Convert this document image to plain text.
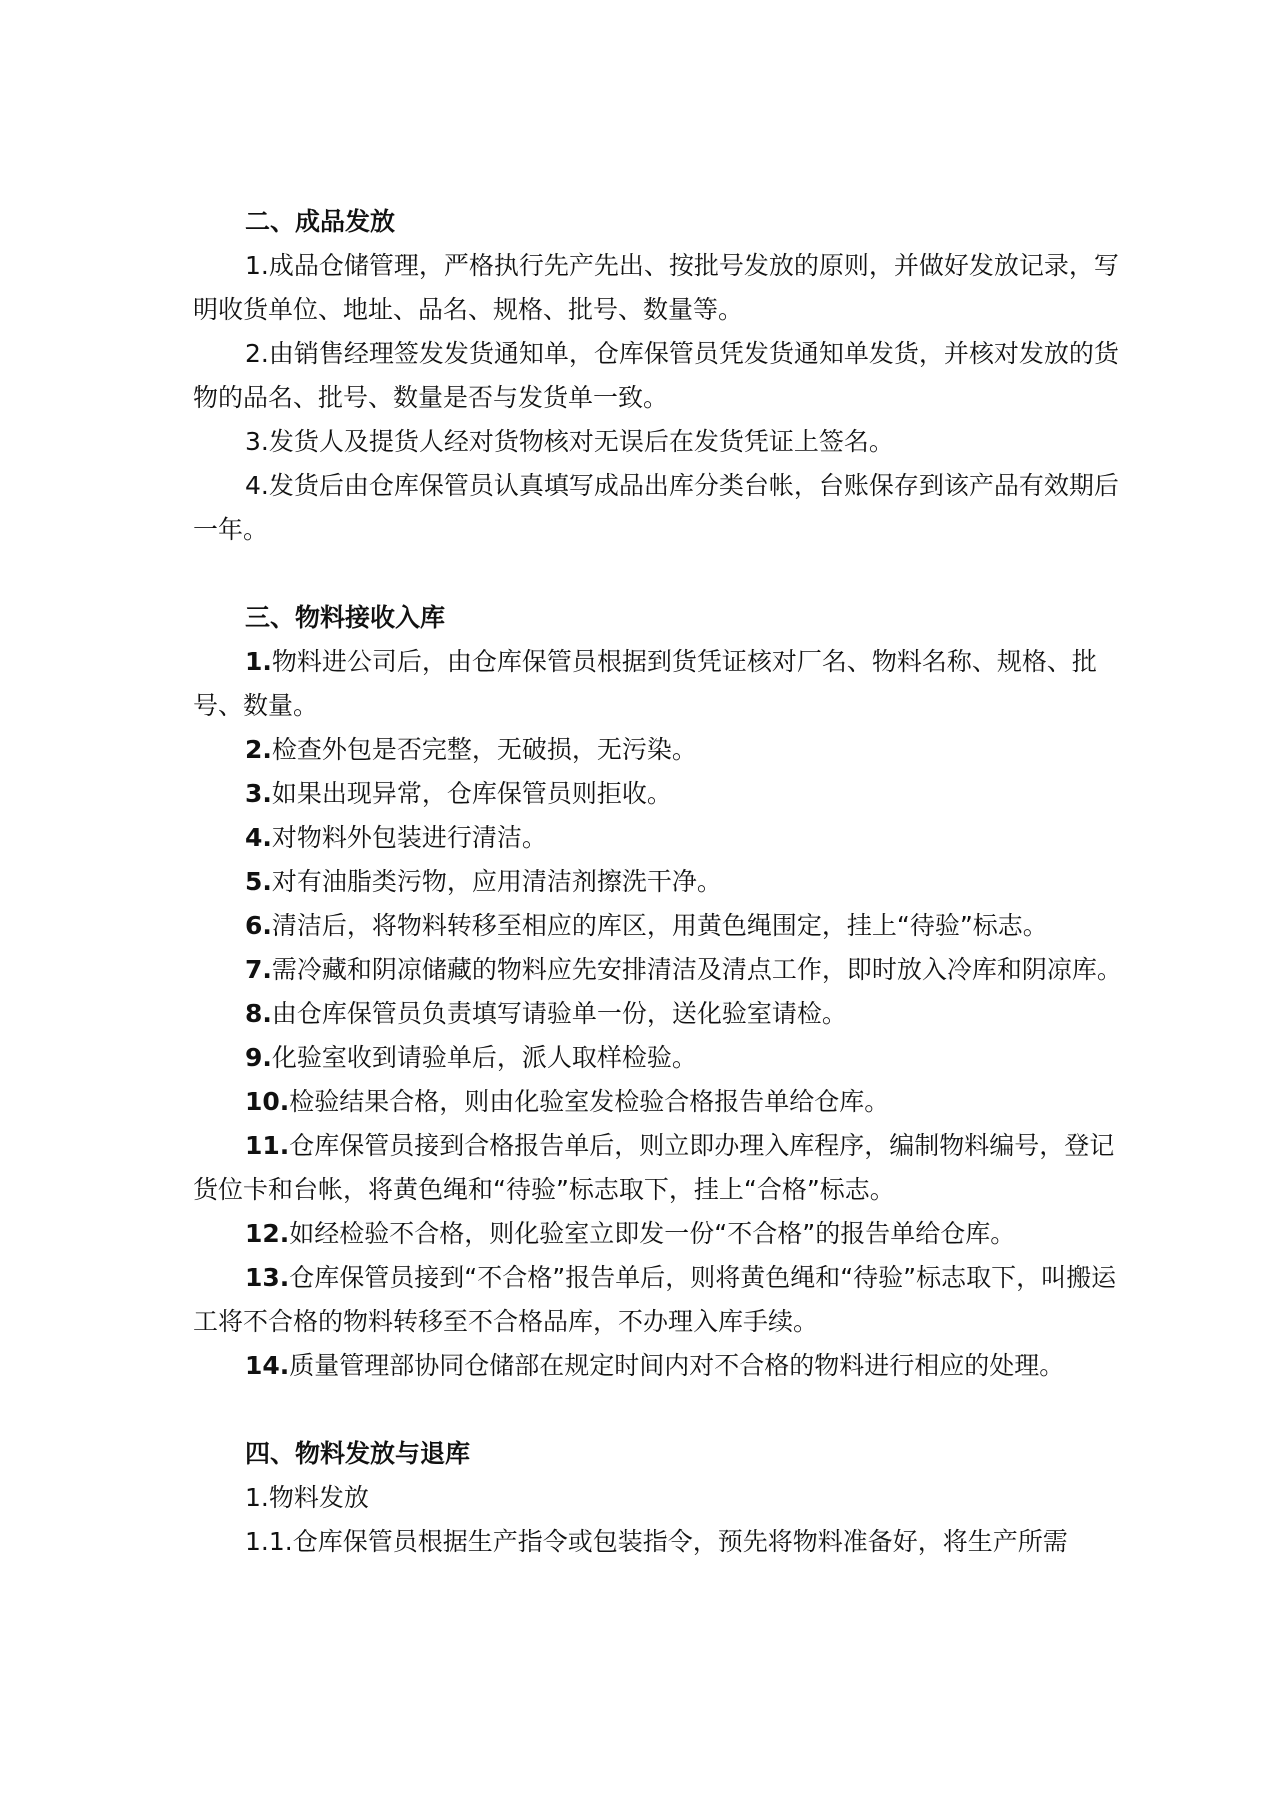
二、成品发放

1.成品仓储管理，严格执行先产先出、按批号发放的原则，并做好发放记录，写明收货单位、地址、品名、规格、批号、数量等。

2.由销售经理签发发货通知单，仓库保管员凭发货通知单发货，并核对发放的货物的品名、批号、数量是否与发货单一致。

3.发货人及提货人经对货物核对无误后在发货凭证上签名。

4.发货后由仓库保管员认真填写成品出库分类台帐，台账保存到该产品有效期后一年。

三、物料接收入库

1.物料进公司后，由仓库保管员根据到货凭证核对厂名、物料名称、规格、批号、数量。

2.检查外包是否完整，无破损，无污染。

3.如果出现异常，仓库保管员则拒收。

4.对物料外包装进行清洁。

5.对有油脂类污物，应用清洁剂擦洗干净。

6.清洁后，将物料转移至相应的库区，用黄色绳围定，挂上“待验”标志。

7.需冷藏和阴凉储藏的物料应先安排清洁及清点工作，即时放入冷库和阴凉库。

8.由仓库保管员负责填写请验单一份，送化验室请检。

9.化验室收到请验单后，派人取样检验。

10.检验结果合格，则由化验室发检验合格报告单给仓库。

11.仓库保管员接到合格报告单后，则立即办理入库程序，编制物料编号，登记货位卡和台帐，将黄色绳和“待验”标志取下，挂上“合格”标志。

12.如经检验不合格，则化验室立即发一份“不合格”的报告单给仓库。

13.仓库保管员接到“不合格”报告单后，则将黄色绳和“待验”标志取下，叫搬运工将不合格的物料转移至不合格品库，不办理入库手续。

14.质量管理部协同仓储部在规定时间内对不合格的物料进行相应的处理。

四、物料发放与退库

1.物料发放

1.1.仓库保管员根据生产指令或包装指令，预先将物料准备好，将生产所需
